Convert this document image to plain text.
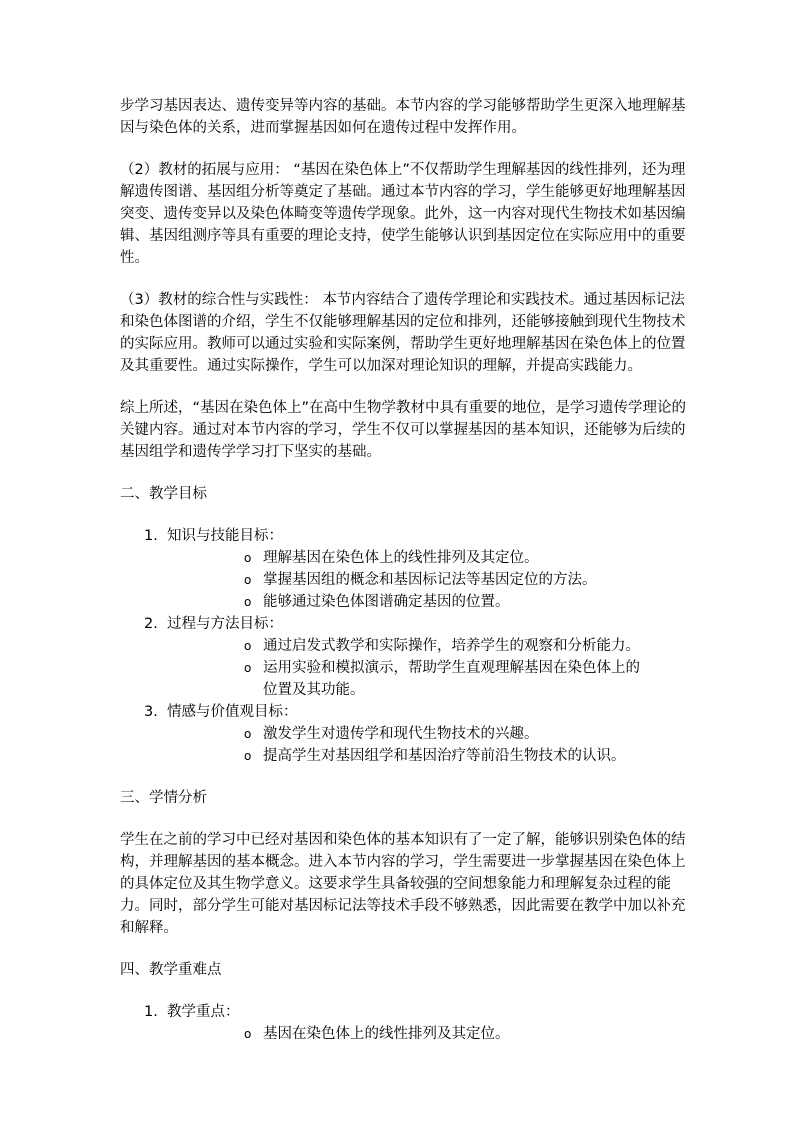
步学习基因表达、遗传变异等内容的基础。本节内容的学习能够帮助学生更深入地理解基因与染色体的关系，进而掌握基因如何在遗传过程中发挥作用。

（2）教材的拓展与应用： “基因在染色体上”不仅帮助学生理解基因的线性排列，还为理解遗传图谱、基因组分析等奠定了基础。通过本节内容的学习，学生能够更好地理解基因突变、遗传变异以及染色体畸变等遗传学现象。此外，这一内容对现代生物技术如基因编辑、基因组测序等具有重要的理论支持，使学生能够认识到基因定位在实际应用中的重要性。

（3）教材的综合性与实践性： 本节内容结合了遗传学理论和实践技术。通过基因标记法和染色体图谱的介绍，学生不仅能够理解基因的定位和排列，还能够接触到现代生物技术的实际应用。教师可以通过实验和实际案例，帮助学生更好地理解基因在染色体上的位置及其重要性。通过实际操作，学生可以加深对理论知识的理解，并提高实践能力。

综上所述，“基因在染色体上”在高中生物学教材中具有重要的地位，是学习遗传学理论的关键内容。通过对本节内容的学习，学生不仅可以掌握基因的基本知识，还能够为后续的基因组学和遗传学学习打下坚实的基础。

二、教学目标

1. 知识与技能目标：
o 理解基因在染色体上的线性排列及其定位。
o 掌握基因组的概念和基因标记法等基因定位的方法。
o 能够通过染色体图谱确定基因的位置。
2. 过程与方法目标：
o 通过启发式教学和实际操作，培养学生的观察和分析能力。
o 运用实验和模拟演示，帮助学生直观理解基因在染色体上的位置及其功能。
3. 情感与价值观目标：
o 激发学生对遗传学和现代生物技术的兴趣。
o 提高学生对基因组学和基因治疗等前沿生物技术的认识。

三、学情分析

学生在之前的学习中已经对基因和染色体的基本知识有了一定了解，能够识别染色体的结构，并理解基因的基本概念。进入本节内容的学习，学生需要进一步掌握基因在染色体上的具体定位及其生物学意义。这要求学生具备较强的空间想象能力和理解复杂过程的能力。同时，部分学生可能对基因标记法等技术手段不够熟悉，因此需要在教学中加以补充和解释。

四、教学重难点

1. 教学重点：
o 基因在染色体上的线性排列及其定位。
